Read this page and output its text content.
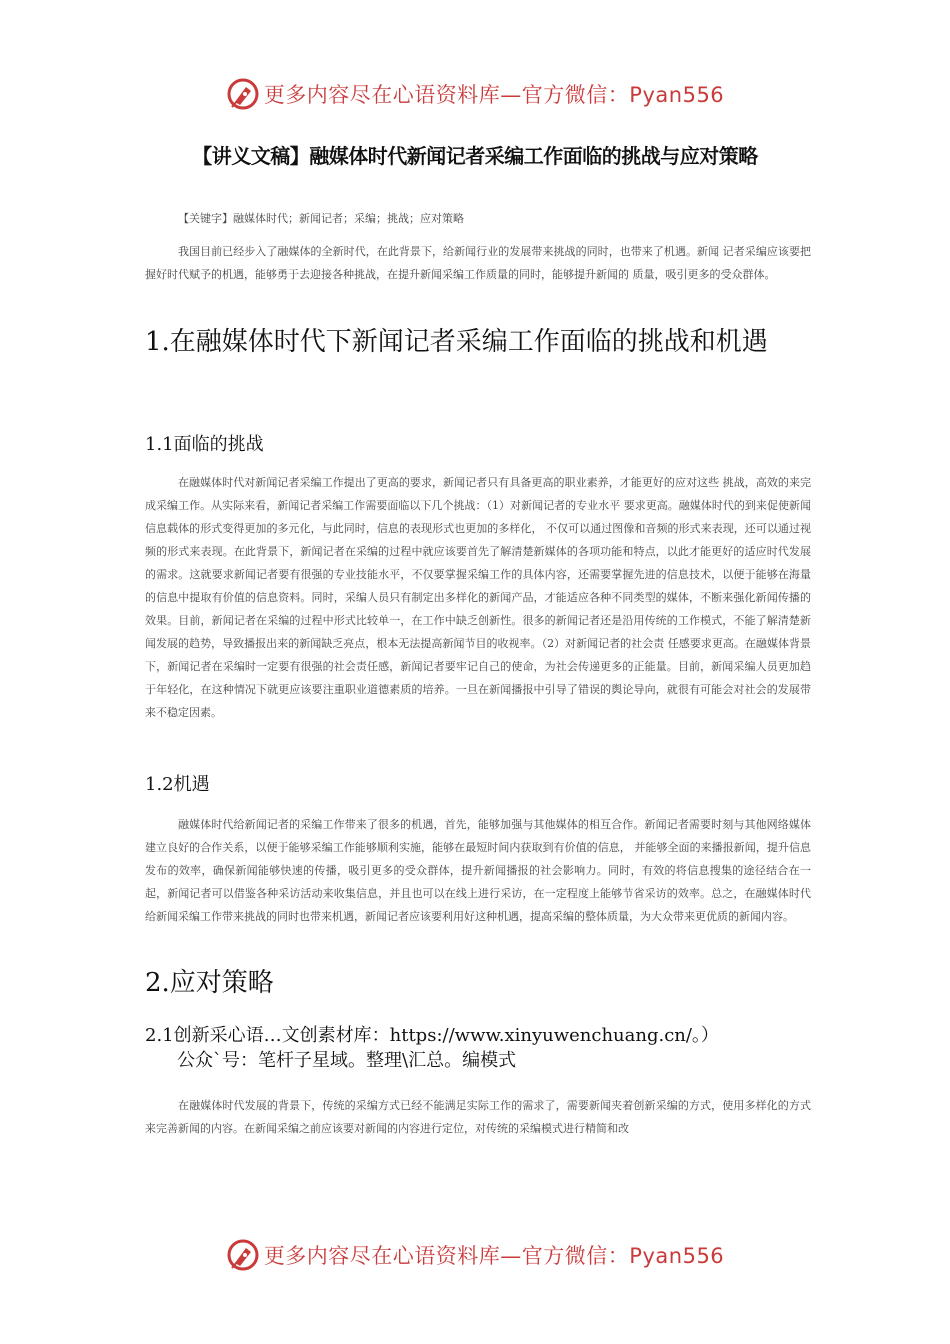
更多内容尽在心语资料库—官方微信：Pyan556
【讲义文稿】融媒体时代新闻记者采编工作面临的挑战与应对策略
【关键字】融媒体时代；新闻记者；采编；挑战；应对策略

我国目前已经步入了融媒体的全新时代，在此背景下，给新闻行业的发展带来挑战的同时，也带来了机遇。新闻 记者采编应该要把握好时代赋予的机遇，能够勇于去迎接各种挑战，在提升新闻采编工作质量的同时，能够提升新闻的 质量，吸引更多的受众群体。

1.在融媒体时代下新闻记者采编工作面临的挑战和机遇
1.1面临的挑战

在融媒体时代对新闻记者采编工作提出了更高的要求，新闻记者只有具备更高的职业素养，才能更好的应对这些 挑战，高效的来完成采编工作。从实际来看，新闻记者采编工作需要面临以下几个挑战：（1）对新闻记者的专业水平 要求更高。融媒体时代的到来促使新闻信息载体的形式变得更加的多元化，与此同时，信息的表现形式也更加的多样化， 不仅可以通过图像和音频的形式来表现，还可以通过视频的形式来表现。在此背景下，新闻记者在采编的过程中就应该要首先了解清楚新媒体的各项功能和特点，以此才能更好的适应时代发展的需求。这就要求新闻记者要有很强的专业技能水平，不仅要掌握采编工作的具体内容，还需要掌握先进的信息技术，以便于能够在海量的信息中提取有价值的信息资料。同时，采编人员只有制定出多样化的新闻产品，才能适应各种不同类型的媒体，不断来强化新闻传播的效果。目前，新闻记者在采编的过程中形式比较单一，在工作中缺乏创新性。很多的新闻记者还是沿用传统的工作模式，不能了解清楚新闻发展的趋势，导致播报出来的新闻缺乏亮点，根本无法提高新闻节目的收视率。（2）对新闻记者的社会责 任感要求更高。在融媒体背景下，新闻记者在采编时一定要有很强的社会责任感，新闻记者要牢记自己的使命，为社会传递更多的正能量。目前，新闻采编人员更加趋于年轻化，在这种情况下就更应该要注重职业道德素质的培养。一旦在新闻播报中引导了错误的舆论导向，就很有可能会对社会的发展带来不稳定因素。

1.2机遇

融媒体时代给新闻记者的采编工作带来了很多的机遇，首先，能够加强与其他媒体的相互合作。新闻记者需要时刻与其他网络媒体建立良好的合作关系，以便于能够采编工作能够顺利实施，能够在最短时间内获取到有价值的信息， 并能够全面的来播报新闻，提升信息发布的效率，确保新闻能够快速的传播，吸引更多的受众群体，提升新闻播报的社会影响力。同时，有效的将信息搜集的途径结合在一起，新闻记者可以借鉴各种采访活动来收集信息，并且也可以在线上进行采访，在一定程度上能够节省采访的效率。总之，在融媒体时代给新闻采编工作带来挑战的同时也带来机遇，新闻记者应该要利用好这种机遇，提高采编的整体质量，为大众带来更优质的新闻内容。

2.应对策略
2.1创新采心语…文创素材库：https://www.xinyuwenchuang.cn/。）
公众`号：笔杆子星域。整理\汇总。编模式

在融媒体时代发展的背景下，传统的采编方式已经不能满足实际工作的需求了，需要新闻夹着创新采编的方式，使用多样化的方式来完善新闻的内容。在新闻采编之前应该要对新闻的内容进行定位，对传统的采编模式进行精简和改

更多内容尽在心语资料库—官方微信：Pyan556
